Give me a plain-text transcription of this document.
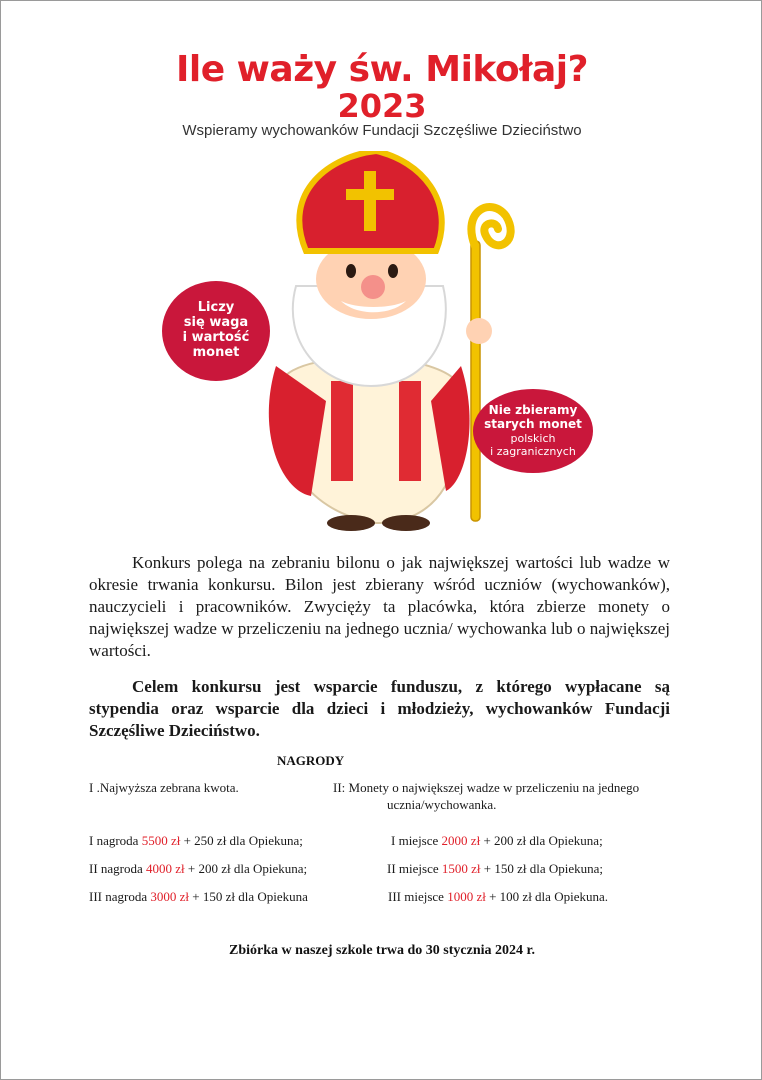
Ile waży św. Mikołaj?
2023
Wspieramy wychowanków Fundacji Szczęśliwe Dzieciństwo
Liczy
się waga
i wartość
monet
Nie zbieramy
starych monet
polskich
i zagranicznych
Konkurs polega na zebraniu bilonu o jak największej wartości lub wadze w okresie trwania konkursu. Bilon jest zbierany wśród uczniów (wychowanków), nauczycieli i pracowników. Zwycięży ta placówka, która zbierze monety o największej wadze w przeliczeniu na jednego ucznia/ wychowanka lub o największej wartości.
Celem konkursu jest wsparcie funduszu, z którego wypłacane są stypendia oraz wsparcie dla dzieci i młodzieży, wychowanków Fundacji Szczęśliwe Dzieciństwo.
NAGRODY
I .Najwyższa zebrana kwota.	II: Monety o największej wadze w przeliczeniu na jednego
ucznia/wychowanka.
I nagroda 5500 zł + 250 zł dla Opiekuna;
II nagroda 4000 zł + 200 zł dla Opiekuna;
III nagroda 3000 zł + 150 zł dla Opiekuna
I miejsce 2000 zł + 200 zł dla Opiekuna;
II miejsce 1500 zł + 150 zł dla Opiekuna;
III miejsce 1000 zł + 100 zł dla Opiekuna.
Zbiórka w naszej szkole trwa do 30 stycznia 2024 r.
